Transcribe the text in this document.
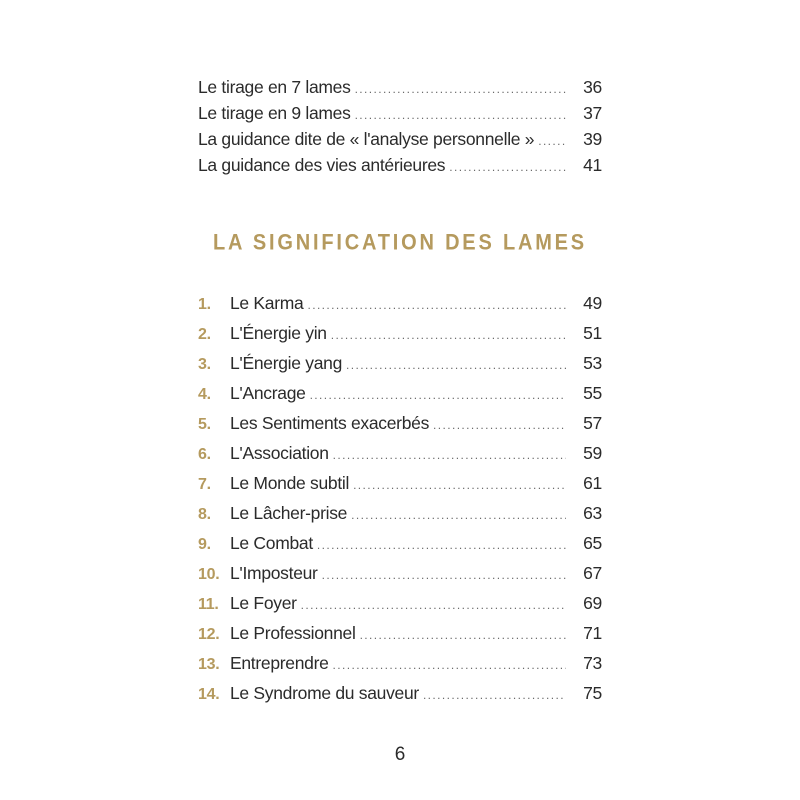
Le tirage en 7 lames .....	36
Le tirage en 9 lames .....	37
La guidance dite de « l'analyse personnelle » .....	39
La guidance des vies antérieures .....	41
LA SIGNIFICATION DES LAMES
1.	Le Karma .....	49
2.	L'Énergie yin .....	51
3.	L'Énergie yang .....	53
4.	L'Ancrage .....	55
5.	Les Sentiments exacerbés .....	57
6.	L'Association .....	59
7.	Le Monde subtil .....	61
8.	Le Lâcher-prise .....	63
9.	Le Combat .....	65
10. L'Imposteur .....	67
11. Le Foyer .....	69
12. Le Professionnel .....	71
13. Entreprendre .....	73
14. Le Syndrome du sauveur .....	75
6
